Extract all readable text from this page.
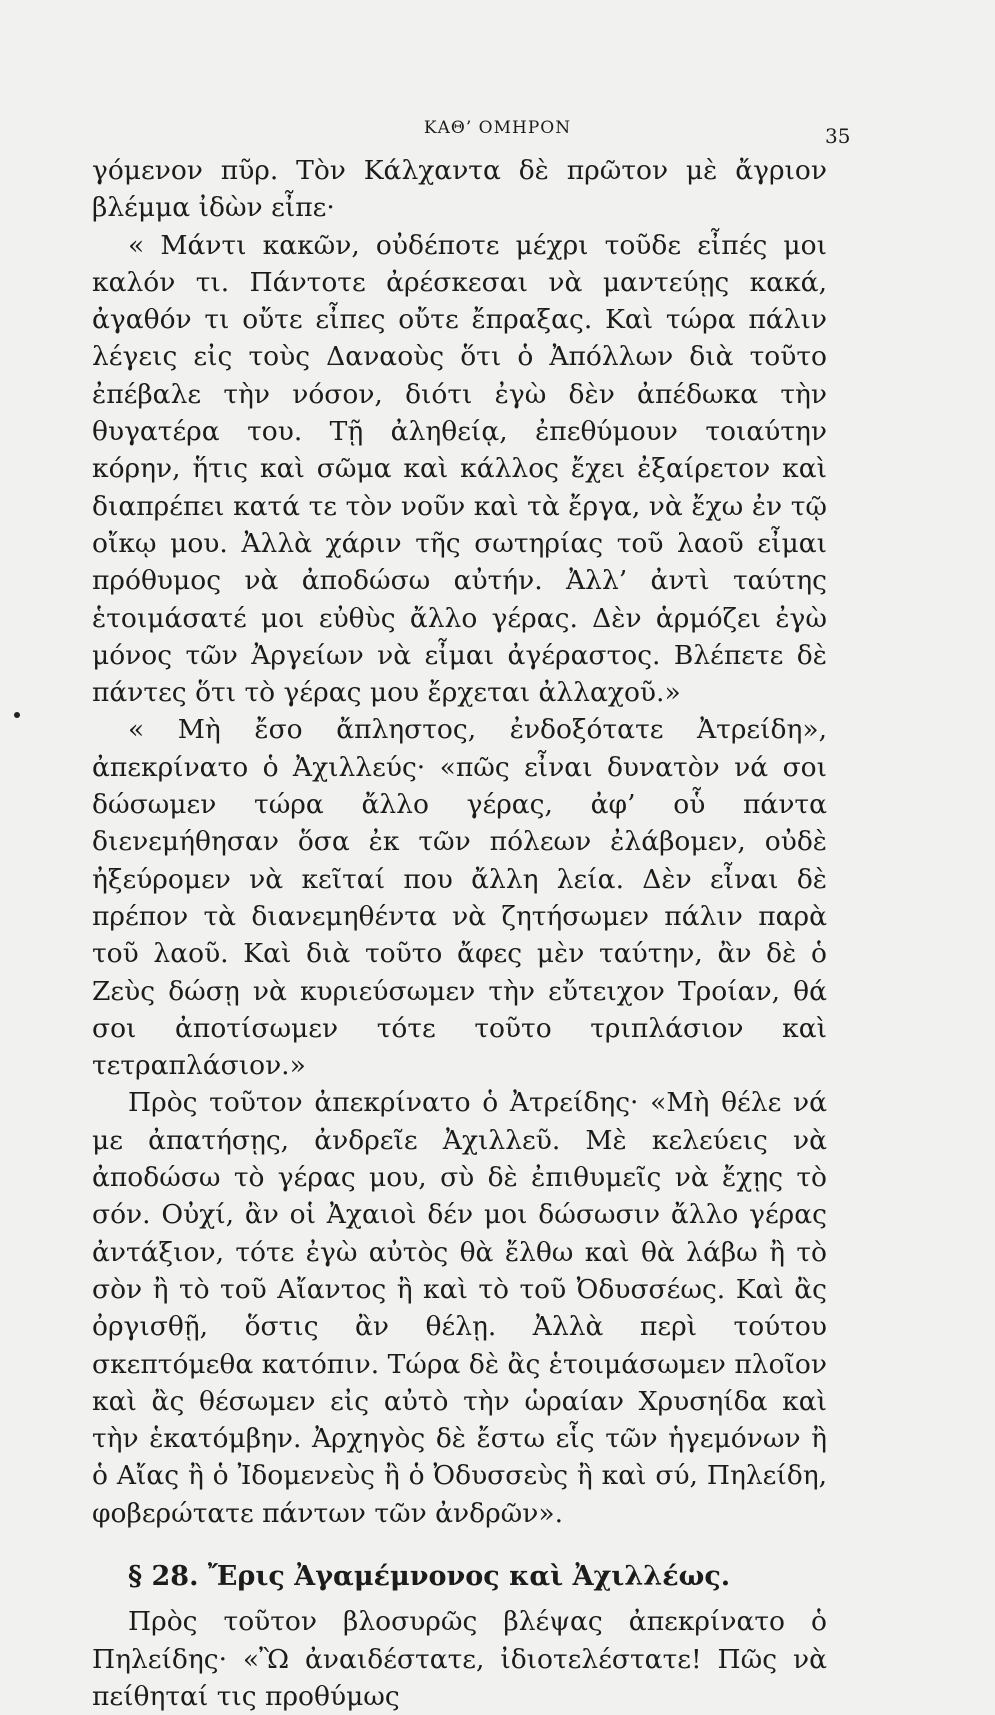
ΚΑΘ’ ΟΜΗΡΟΝ	35

γόμενον πῦρ. Τὸν Κάλχαντα δὲ πρῶτον μὲ ἄγριον βλέμμα ἰδὼν εἶπε·

« Μάντι κακῶν, οὐδέποτε μέχρι τοῦδε εἶπές μοι καλόν τι. Πάντοτε ἀρέσκεσαι νὰ μαντεύῃς κακά, ἀγαθόν τι οὔτε εἶπες οὔτε ἔπραξας. Καὶ τώρα πάλιν λέγεις εἰς τοὺς Δαναοὺς ὅτι ὁ Ἀπόλλων διὰ τοῦτο ἐπέβαλε τὴν νόσον, διότι ἐγὼ δὲν ἀπέδωκα τὴν θυγατέρα του. Τῇ ἀληθείᾳ, ἐπεθύμουν τοιαύτην κόρην, ἥτις καὶ σῶμα καὶ κάλλος ἔχει ἐξαίρετον καὶ διαπρέπει κατά τε τὸν νοῦν καὶ τὰ ἔργα, νὰ ἔχω ἐν τῷ οἴκῳ μου. Ἀλλὰ χάριν τῆς σωτηρίας τοῦ λαοῦ εἶμαι πρόθυμος νὰ ἀποδώσω αὐτήν. Ἀλλ’ ἀντὶ ταύτης ἑτοιμάσατέ μοι εὐθὺς ἄλλο γέρας. Δὲν ἁρμόζει ἐγὼ μόνος τῶν Ἀργείων νὰ εἶμαι ἀγέραστος. Βλέπετε δὲ πάντες ὅτι τὸ γέρας μου ἔρχεται ἀλλαχοῦ.»

« Μὴ ἔσο ἄπληστος, ἐνδοξότατε Ἀτρείδη», ἀπεκρίνατο ὁ Ἀχιλλεύς· «πῶς εἶναι δυνατὸν νά σοι δώσωμεν τώρα ἄλλο γέρας, ἀφ’ οὗ πάντα διενεμήθησαν ὅσα ἐκ τῶν πόλεων ἐλάβομεν, οὐδὲ ἠξεύρομεν νὰ κεῖταί που ἄλλη λεία. Δὲν εἶναι δὲ πρέπον τὰ διανεμηθέντα νὰ ζητήσωμεν πάλιν παρὰ τοῦ λαοῦ. Καὶ διὰ τοῦτο ἄφες μὲν ταύτην, ἂν δὲ ὁ Ζεὺς δώσῃ νὰ κυριεύσωμεν τὴν εὔτειχον Τροίαν, θά σοι ἀποτίσωμεν τότε τοῦτο τριπλάσιον καὶ τετραπλάσιον.»

Πρὸς τοῦτον ἀπεκρίνατο ὁ Ἀτρείδης· «Μὴ θέλε νά με ἀπατήσῃς, ἀνδρεῖε Ἀχιλλεῦ. Μὲ κελεύεις νὰ ἀποδώσω τὸ γέρας μου, σὺ δὲ ἐπιθυμεῖς νὰ ἔχῃς τὸ σόν. Οὐχί, ἂν οἱ Ἀχαιοὶ δέν μοι δώσωσιν ἄλλο γέρας ἀντάξιον, τότε ἐγὼ αὐτὸς θὰ ἔλθω καὶ θὰ λάβω ἢ τὸ σὸν ἢ τὸ τοῦ Αἴαντος ἢ καὶ τὸ τοῦ Ὀδυσσέως. Καὶ ἂς ὀργισθῇ, ὅστις ἂν θέλῃ. Ἀλλὰ περὶ τούτου σκεπτόμεθα κατόπιν. Τώρα δὲ ἂς ἑτοιμάσωμεν πλοῖον καὶ ἂς θέσωμεν εἰς αὐτὸ τὴν ὡραίαν Χρυσηίδα καὶ τὴν ἑκατόμβην. Ἀρχηγὸς δὲ ἔστω εἷς τῶν ἡγεμόνων ἢ ὁ Αἴας ἢ ὁ Ἰδομενεὺς ἢ ὁ Ὀδυσσεὺς ἢ καὶ σύ, Πηλείδη, φοβερώτατε πάντων τῶν ἀνδρῶν».

§ 28. Ἔρις Ἀγαμέμνονος καὶ Ἀχιλλέως.

Πρὸς τοῦτον βλοσυρῶς βλέψας ἀπεκρίνατο ὁ Πηλείδης· «Ὢ ἀναιδέστατε, ἰδιοτελέστατε! Πῶς νὰ πείθηταί τις προθύμως
